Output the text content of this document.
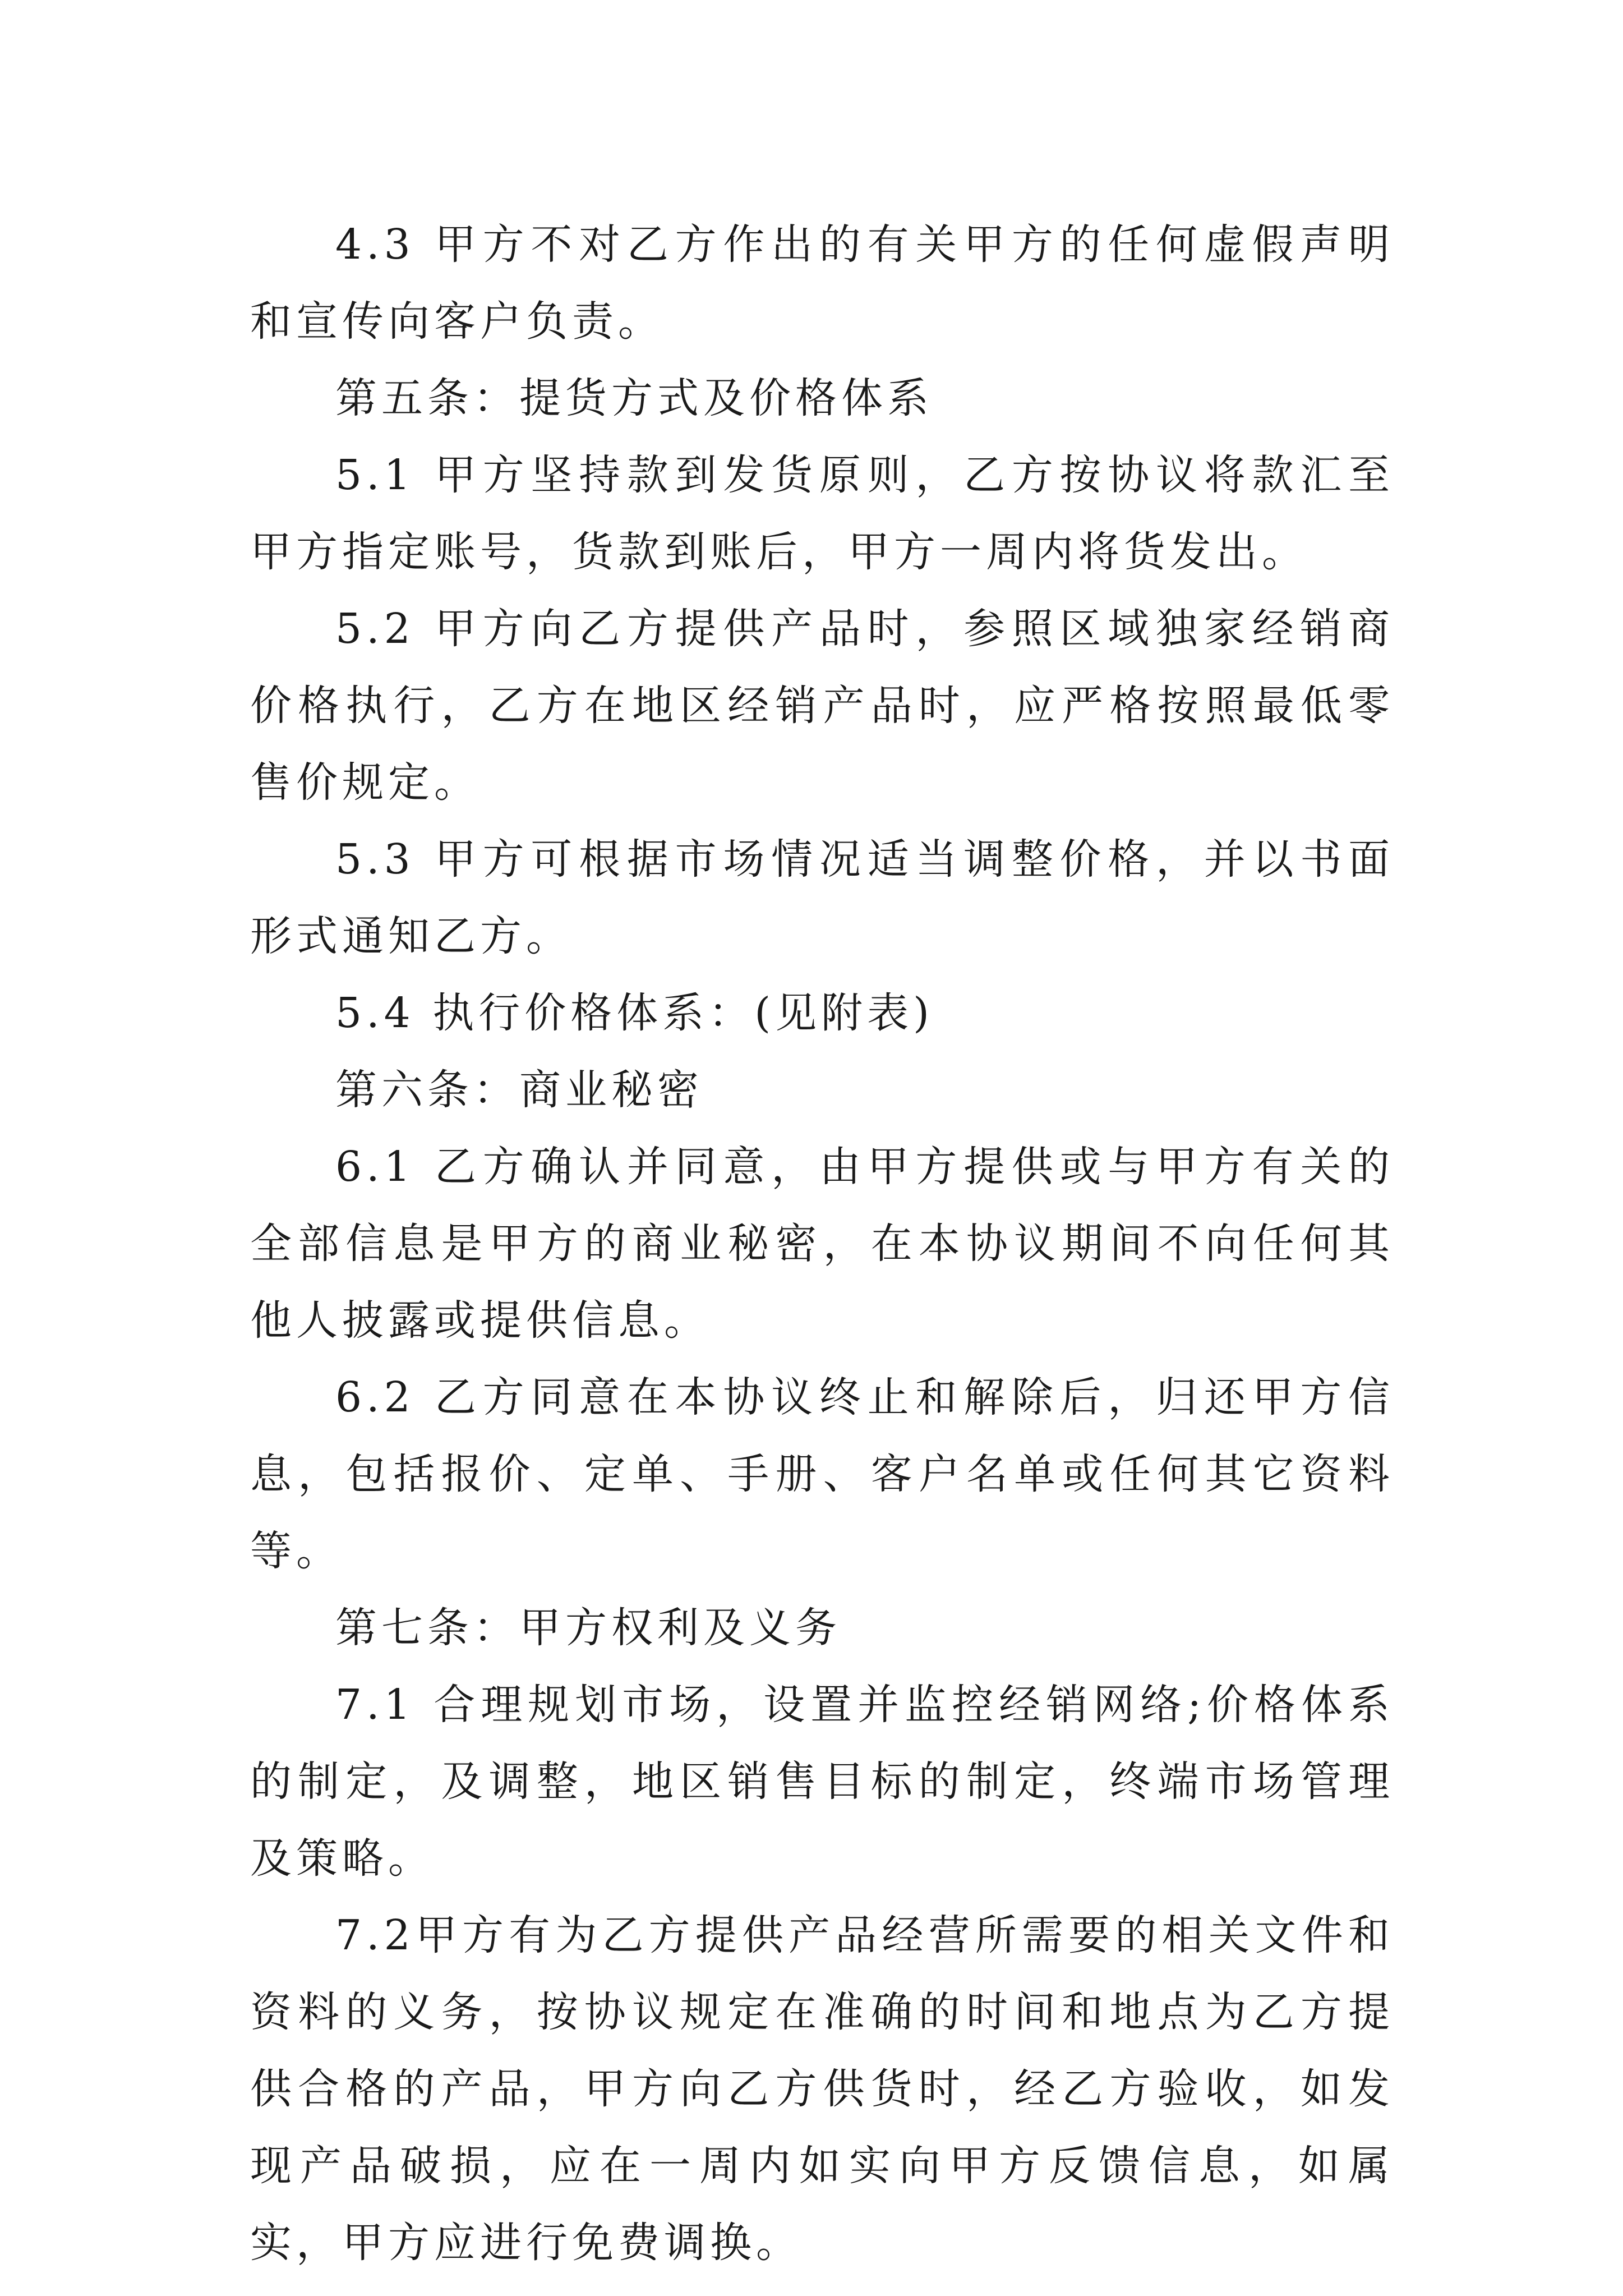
4.3 甲方不对乙方作出的有关甲方的任何虚假声明和宣传向客户负责。

第五条：提货方式及价格体系

5.1 甲方坚持款到发货原则，乙方按协议将款汇至甲方指定账号，货款到账后，甲方一周内将货发出。

5.2 甲方向乙方提供产品时，参照区域独家经销商价格执行，乙方在地区经销产品时，应严格按照最低零售价规定。

5.3 甲方可根据市场情况适当调整价格，并以书面形式通知乙方。

5.4 执行价格体系：(见附表)

第六条：商业秘密

6.1 乙方确认并同意，由甲方提供或与甲方有关的全部信息是甲方的商业秘密，在本协议期间不向任何其他人披露或提供信息。

6.2 乙方同意在本协议终止和解除后，归还甲方信息，包括报价、定单、手册、客户名单或任何其它资料等。

第七条：甲方权利及义务

7.1 合理规划市场，设置并监控经销网络;价格体系的制定，及调整，地区销售目标的制定，终端市场管理及策略。

7.2甲方有为乙方提供产品经营所需要的相关文件和资料的义务，按协议规定在准确的时间和地点为乙方提供合格的产品，甲方向乙方供货时，经乙方验收，如发现产品破损，应在一周内如实向甲方反馈信息，如属实，甲方应进行免费调换。
